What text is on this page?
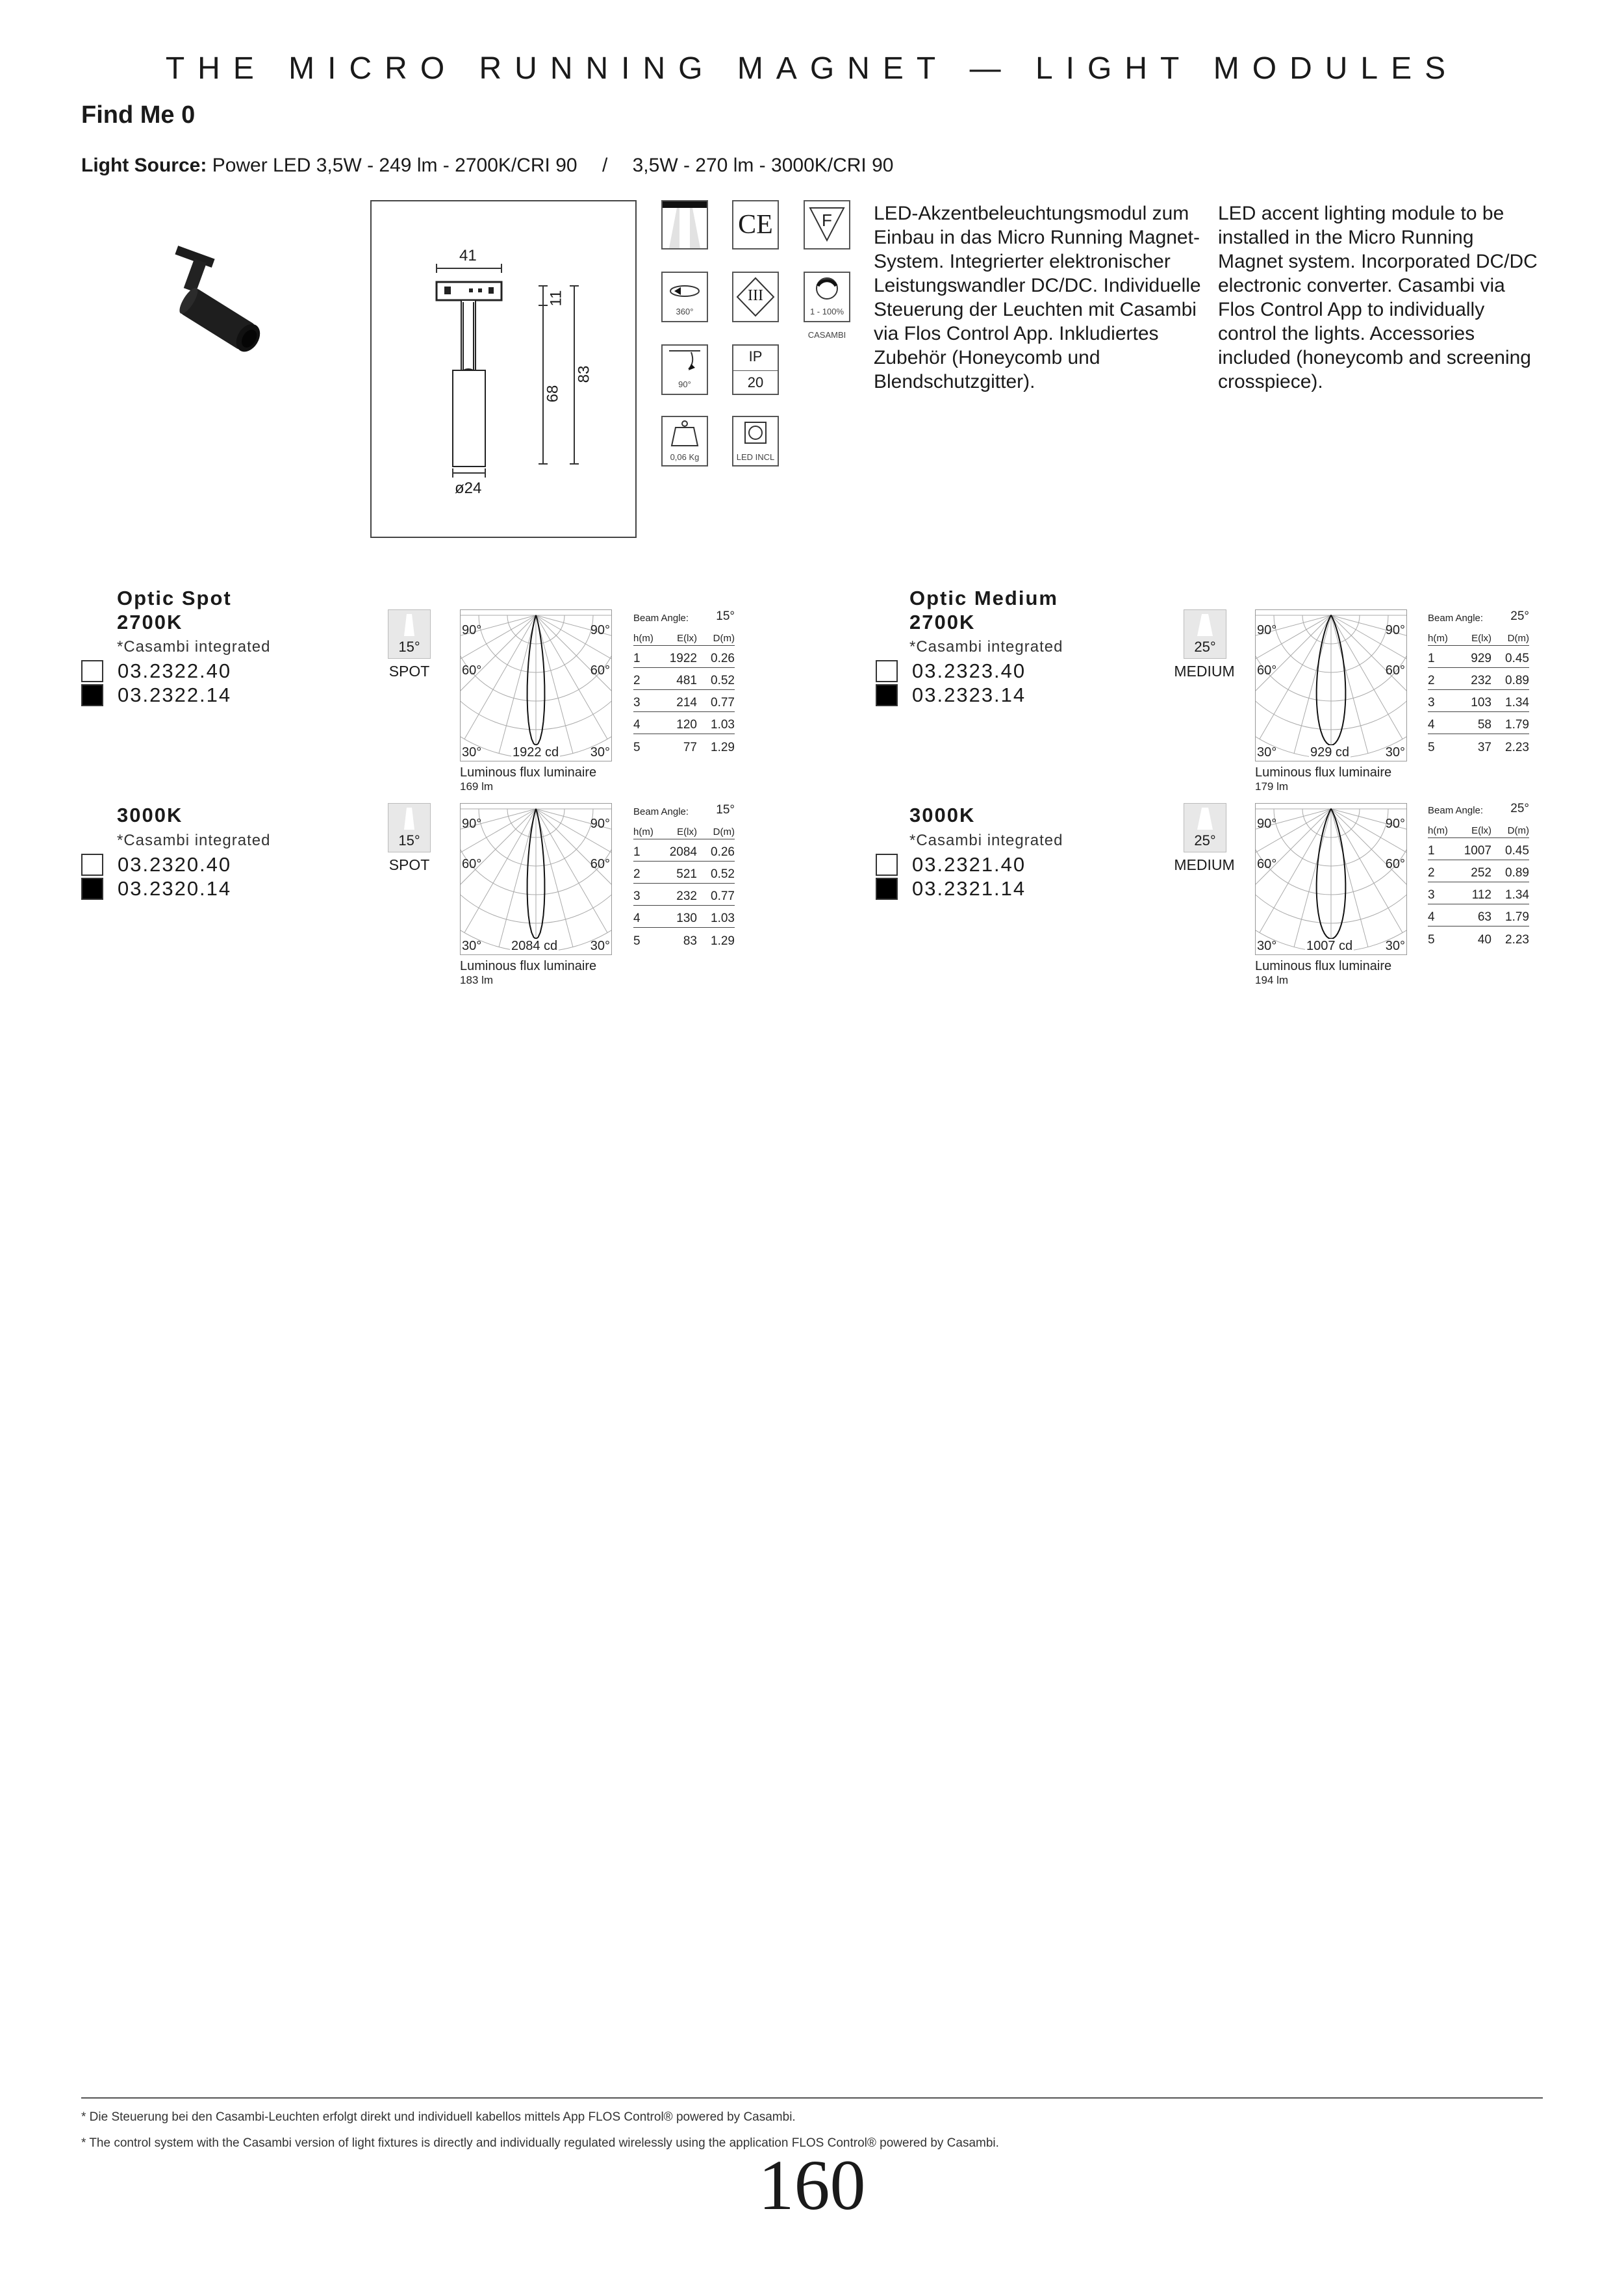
THE MICRO RUNNING MAGNET — LIGHT MODULES
Find Me 0
Light Source: Power LED 3,5W - 249 lm - 2700K/CRI 90 / 3,5W - 270 lm - 3000K/CRI 90
41
11
68
83
ø24
CE	F
360°
III
1 - 100%
CASAMBI
90°
IP
20
0,06 Kg	LED INCL
LED-Akzentbeleuchtungsmodul zum Einbau in das Micro Running Magnet-System. Integrierter elektronischer Leistungswandler DC/DC. Individuelle Steuerung der Leuchten mit Casambi via Flos Control App. Inkludiertes Zubehör (Honeycomb und Blendschutzgitter).
LED accent lighting module to be installed in the Micro Running Magnet system. Incorporated DC/DC electronic converter. Casambi via Flos Control App to individually control the lights. Accessories included (honeycomb and screening crosspiece).
Optic Spot
2700K
*Casambi integrated
03.2322.40
03.2322.14
15°
SPOT
90°	90°
60°	60°
30°	30°
1922 cd
Luminous flux luminaire
169 lm
Beam Angle: 15°
h(m)	E(lx)	D(m)
1	1922	0.26
2	481	0.52
3	214	0.77
4	120	1.03
5	77	1.29
3000K
*Casambi integrated
03.2320.40
03.2320.14
15°
SPOT
90°	90°
60°	60°
30°	30°
2084 cd
Luminous flux luminaire
183 lm
Beam Angle: 15°
h(m)	E(lx)	D(m)
1	2084	0.26
2	521	0.52
3	232	0.77
4	130	1.03
5	83	1.29
Optic Medium
2700K
*Casambi integrated
03.2323.40
03.2323.14
25°
MEDIUM
90°	90°
60°	60°
30°	30°
929 cd
Luminous flux luminaire
179 lm
Beam Angle: 25°
h(m)	E(lx)	D(m)
1	929	0.45
2	232	0.89
3	103	1.34
4	58	1.79
5	37	2.23
3000K
*Casambi integrated
03.2321.40
03.2321.14
25°
MEDIUM
90°	90°
60°	60°
30°	30°
1007 cd
Luminous flux luminaire
194 lm
Beam Angle: 25°
h(m)	E(lx)	D(m)
1	1007	0.45
2	252	0.89
3	112	1.34
4	63	1.79
5	40	2.23
* Die Steuerung bei den Casambi-Leuchten erfolgt direkt und individuell kabellos mittels App FLOS Control® powered by Casambi.
* The control system with the Casambi version of light fixtures is directly and individually regulated wirelessly using the application FLOS Control® powered by Casambi.
160
